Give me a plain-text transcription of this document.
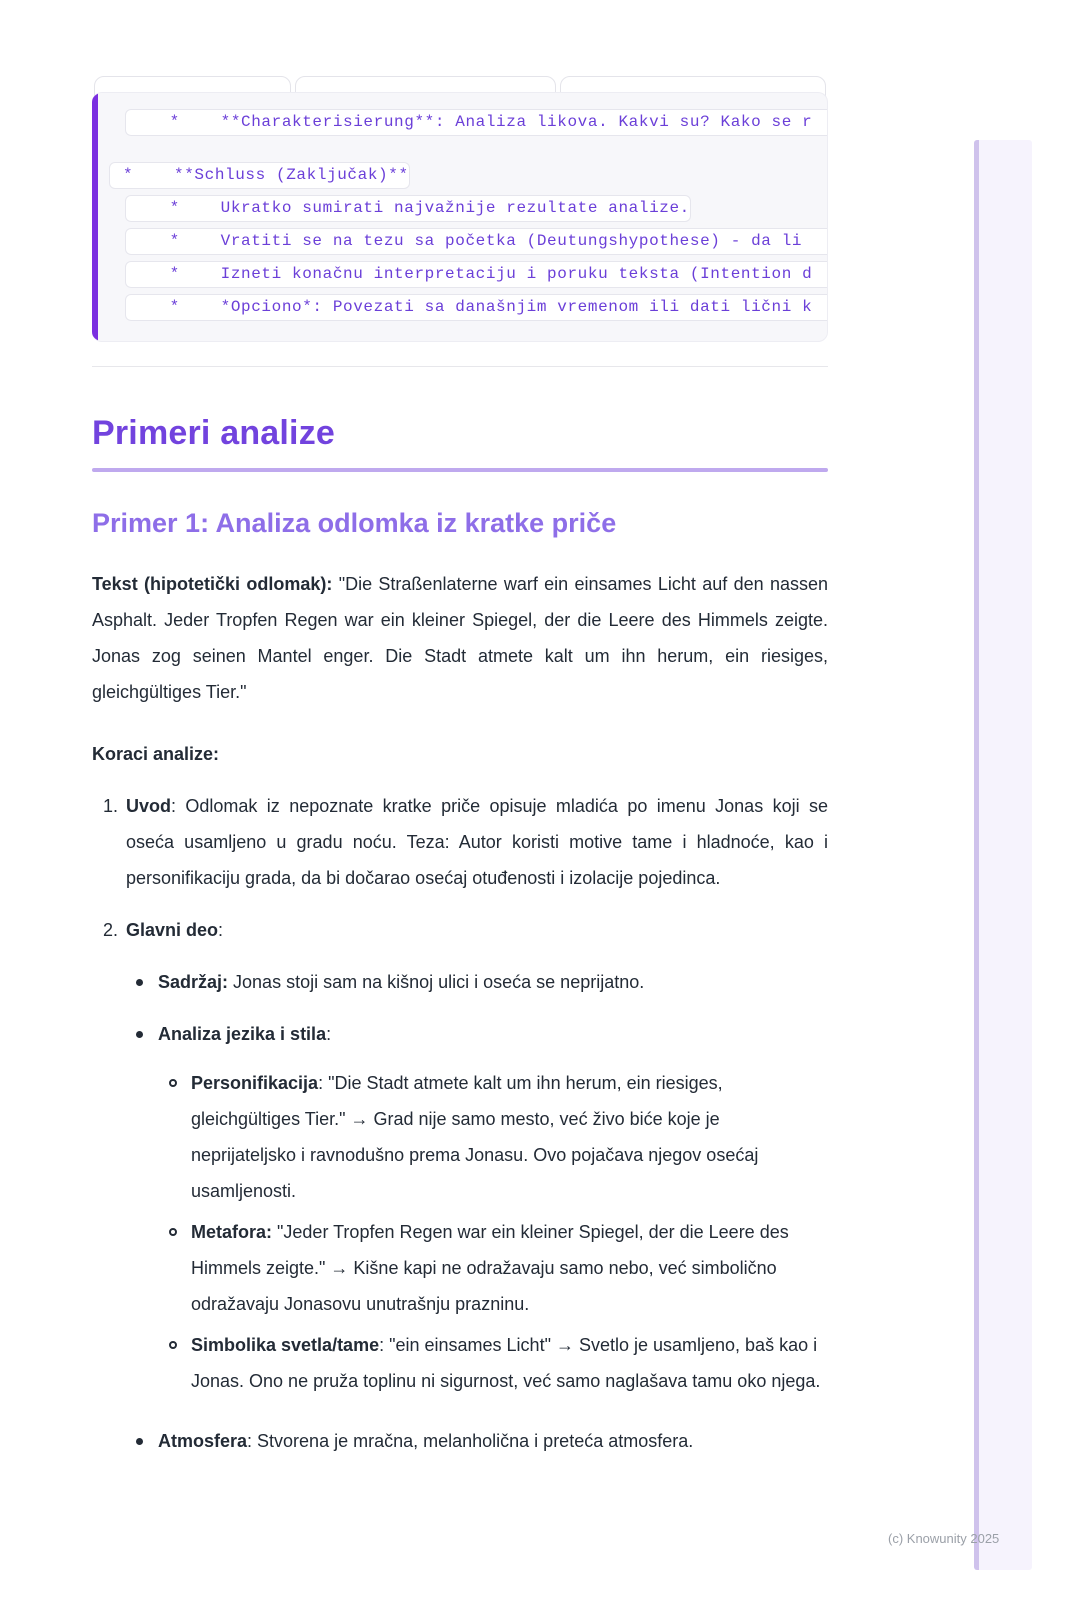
*    **Charakterisierung**: Analiza likova. Kakvi su? Kako se r
*    **Schluss (Zaključak)**
*    Ukratko sumirati najvažnije rezultate analize.
*    Vratiti se na tezu sa početka (Deutungshypothese) - da li
*    Izneti konačnu interpretaciju i poruku teksta (Intention d
*    *Opciono*: Povezati sa današnjim vremenom ili dati lični k
Primeri analize
Primer 1: Analiza odlomka iz kratke priče

Tekst (hipotetički odlomak): "Die Straßenlaterne warf ein einsames Licht auf den nassen Asphalt. Jeder Tropfen Regen war ein kleiner Spiegel, der die Leere des Himmels zeigte. Jonas zog seinen Mantel enger. Die Stadt atmete kalt um ihn herum, ein riesiges, gleichgültiges Tier."

Koraci analize:

1. Uvod: Odlomak iz nepoznate kratke priče opisuje mladića po imenu Jonas koji se oseća usamljeno u gradu noću. Teza: Autor koristi motive tame i hladnoće, kao i personifikaciju grada, da bi dočarao osećaj otuđenosti i izolacije pojedinca.
2. Glavni deo:
Sadržaj: Jonas stoji sam na kišnoj ulici i oseća se neprijatno.
Analiza jezika i stila:
Personifikacija: "Die Stadt atmete kalt um ihn herum, ein riesiges, gleichgültiges Tier." → Grad nije samo mesto, već živo biće koje je neprijateljsko i ravnodušno prema Jonasu. Ovo pojačava njegov osećaj usamljenosti.
Metafora: "Jeder Tropfen Regen war ein kleiner Spiegel, der die Leere des Himmels zeigte." → Kišne kapi ne odražavaju samo nebo, već simbolično odražavaju Jonasovu unutrašnju prazninu.
Simbolika svetla/tame: "ein einsames Licht" → Svetlo je usamljeno, baš kao i Jonas. Ono ne pruža toplinu ni sigurnost, već samo naglašava tamu oko njega.
Atmosfera: Stvorena je mračna, melanholična i preteća atmosfera.
(c) Knowunity 2025
